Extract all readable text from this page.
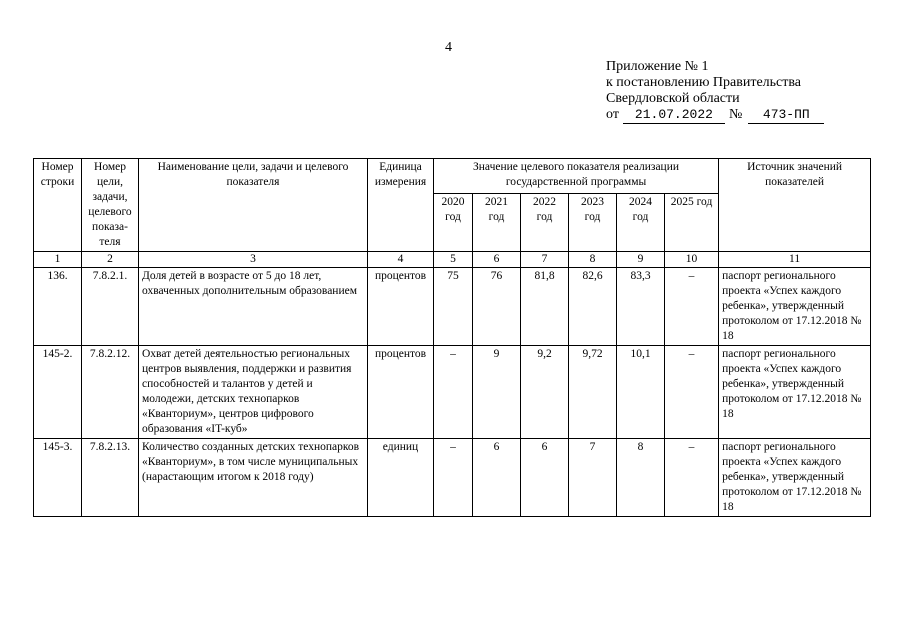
4
Приложение № 1
к постановлению Правительства
Свердловской области
от 21.07.2022 № 473-ПП
Номер строки	Номер цели, задачи, целевого показа-теля	Наименование цели, задачи и целевого показателя	Единица измерения	Значение целевого показателя реализации государственной программы						Источник значений показателей
				2020 год	2021 год	2022 год	2023 год	2024 год	2025 год	
1	2	3	4	5	6	7	8	9	10	11
136.	7.8.2.1.	Доля детей в возрасте от 5 до 18 лет, охваченных дополнительным образованием	процентов	75	76	81,8	82,6	83,3	–	паспорт регионального проекта «Успех каждого ребенка», утвержденный протоколом от 17.12.2018 № 18
145-2.	7.8.2.12.	Охват детей деятельностью региональных центров выявления, поддержки и развития способностей и талантов у детей и молодежи, детских технопарков «Кванториум», центров цифрового образования «IT-куб»	процентов	–	9	9,2	9,72	10,1	–	паспорт регионального проекта «Успех каждого ребенка», утвержденный протоколом от 17.12.2018 № 18
145-3.	7.8.2.13.	Количество созданных детских технопарков «Кванториум», в том числе муниципальных (нарастающим итогом к 2018 году)	единиц	–	6	6	7	8	–	паспорт регионального проекта «Успех каждого ребенка», утвержденный протоколом от 17.12.2018 № 18
